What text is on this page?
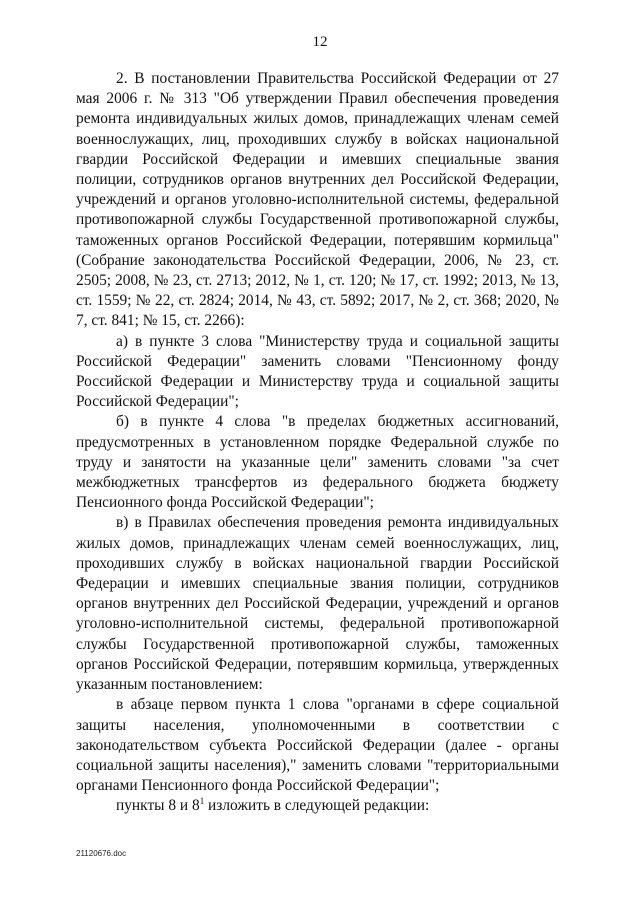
12

2. В постановлении Правительства Российской Федерации от 27 мая 2006 г. № 313 "Об утверждении Правил обеспечения проведения ремонта индивидуальных жилых домов, принадлежащих членам семей военнослужащих, лиц, проходивших службу в войсках национальной гвардии Российской Федерации и имевших специальные звания полиции, сотрудников органов внутренних дел Российской Федерации, учреждений и органов уголовно-исполнительной системы, федеральной противопожарной службы Государственной противопожарной службы, таможенных органов Российской Федерации, потерявшим кормильца" (Собрание законодательства Российской Федерации, 2006, № 23, ст. 2505; 2008, № 23, ст. 2713; 2012, № 1, ст. 120; № 17, ст. 1992; 2013, № 13, ст. 1559; № 22, ст. 2824; 2014, № 43, ст. 5892; 2017, № 2, ст. 368; 2020, № 7, ст. 841; № 15, ст. 2266):

а) в пункте 3 слова "Министерству труда и социальной защиты Российской Федерации" заменить словами "Пенсионному фонду Российской Федерации и Министерству труда и социальной защиты Российской Федерации";

б) в пункте 4 слова "в пределах бюджетных ассигнований, предусмотренных в установленном порядке Федеральной службе по труду и занятости на указанные цели" заменить словами "за счет межбюджетных трансфертов из федерального бюджета бюджету Пенсионного фонда Российской Федерации";

в) в Правилах обеспечения проведения ремонта индивидуальных жилых домов, принадлежащих членам семей военнослужащих, лиц, проходивших службу в войсках национальной гвардии Российской Федерации и имевших специальные звания полиции, сотрудников органов внутренних дел Российской Федерации, учреждений и органов уголовно-исполнительной системы, федеральной противопожарной службы Государственной противопожарной службы, таможенных органов Российской Федерации, потерявшим кормильца, утвержденных указанным постановлением:

в абзаце первом пункта 1 слова "органами в сфере социальной защиты населения, уполномоченными в соответствии с законодательством субъекта Российской Федерации (далее - органы социальной защиты населения)," заменить словами "территориальными органами Пенсионного фонда Российской Федерации";

пункты 8 и $8^1$ изложить в следующей редакции:

21120676.doc
